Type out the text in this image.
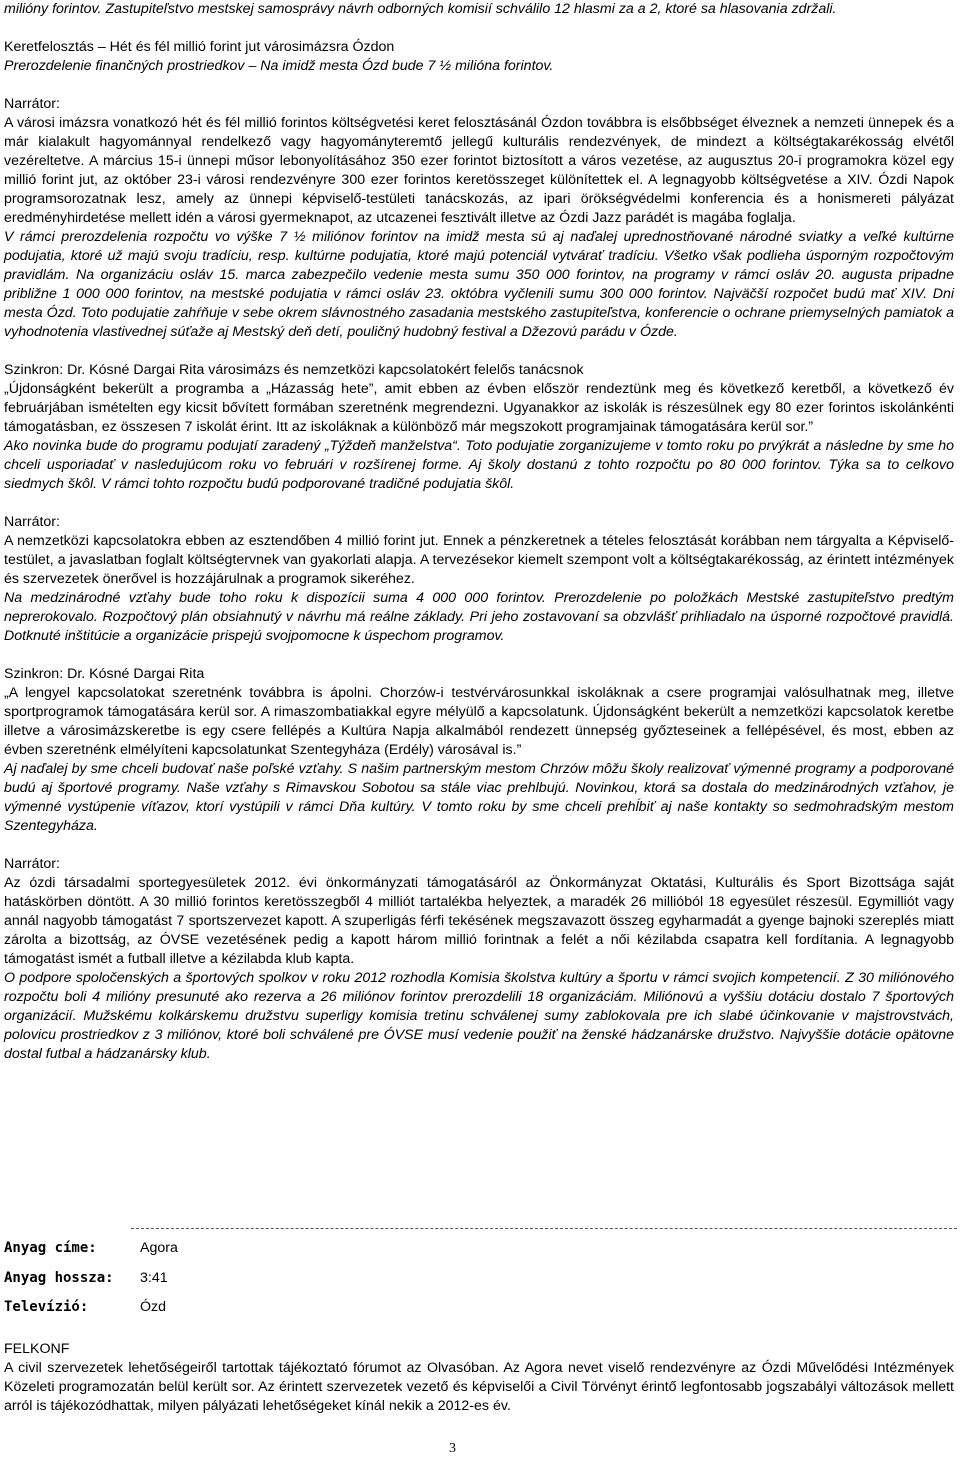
milióny forintov. Zastupiteľstvo mestskej samosprávy návrh odborných komisií schválilo 12 hlasmi za a 2, ktoré sa hlasovania zdržali.

Keretfelosztás – Hét és fél millió forint jut városimázsra Ózdon

Prerozdelenie finančných prostriedkov – Na imidž mesta Ózd bude 7 ½ milióna forintov.

Narrátor:

A városi imázsra vonatkozó hét és fél millió forintos költségvetési keret felosztásánál Ózdon továbbra is elsőbbséget élveznek a nemzeti ünnepek és a már kialakult hagyománnyal rendelkező vagy hagyományteremtő jellegű kulturális rendezvények, de mindezt a költségtakarékosság elvétől vezéreltetve. A március 15-i ünnepi műsor lebonyolításához 350 ezer forintot biztosított a város vezetése, az augusztus 20-i programokra közel egy millió forint jut, az október 23-i városi rendezvényre 300 ezer forintos keretösszeget különítettek el. A legnagyobb költségvetése a XIV. Ózdi Napok programsorozatnak lesz, amely az ünnepi képviselő-testületi tanácskozás, az ipari örökségvédelmi konferencia és a honismereti pályázat eredményhirdetése mellett idén a városi gyermeknapot, az utcazenei fesztivált illetve az Ózdi Jazz parádét is magába foglalja.

V rámci prerozdelenia rozpočtu vo výške 7 ½ miliónov forintov na imidž mesta sú aj naďalej uprednostňované národné sviatky a veľké kultúrne podujatia, ktoré už majú svoju tradíciu, resp. kultúrne podujatia, ktoré majú potenciál vytvárať tradíciu. Všetko však podlieha úsporným rozpočtovým pravidlám. Na organizáciu osláv 15. marca zabezpečilo vedenie mesta sumu 350 000 forintov, na programy v rámci osláv 20. augusta pripadne približne 1 000 000 forintov, na mestské podujatia v rámci osláv 23. októbra vyčlenili sumu 300 000 forintov. Najväčší rozpočet budú mať XIV. Dni mesta Ózd. Toto podujatie zahŕňuje v sebe okrem slávnostného zasadania mestského zastupiteľstva, konferencie o ochrane priemyselných pamiatok a vyhodnotenia vlastivednej súťaže aj Mestský deň detí, pouličný hudobný festival a Džezovú parádu v Ózde.

Szinkron: Dr. Kósné Dargai Rita városimázs és nemzetközi kapcsolatokért felelős tanácsnok

„Újdonságként bekerült a programba a „Házasság hete”, amit ebben az évben először rendeztünk meg és következő keretből, a következő év februárjában ismételten egy kicsit bővített formában szeretnénk megrendezni. Ugyanakkor az iskolák is részesülnek egy 80 ezer forintos iskolánkénti támogatásban, ez összesen 7 iskolát érint. Itt az iskoláknak a különböző már megszokott programjainak támogatására kerül sor.”

Ako novinka bude do programu podujatí zaradený „Týždeň manželstva“. Toto podujatie zorganizujeme v tomto roku po prvýkrát a následne by sme ho chceli usporiadať v nasledujúcom roku vo februári v rozšírenej forme. Aj školy dostanú z tohto rozpočtu po 80 000 forintov. Týka sa to celkovo siedmych škôl. V rámci tohto rozpočtu budú podporované tradičné podujatia škôl.

Narrátor:

A nemzetközi kapcsolatokra ebben az esztendőben 4 millió forint jut. Ennek a pénzkeretnek a tételes felosztását korábban nem tárgyalta a Képviselő-testület, a javaslatban foglalt költségtervnek van gyakorlati alapja. A tervezésekor kiemelt szempont volt a költségtakarékosság, az érintett intézmények és szervezetek önerővel is hozzájárulnak a programok sikeréhez.

Na medzinárodné vzťahy bude toho roku k dispozícii suma 4 000 000 forintov. Prerozdelenie po položkách Mestské zastupiteľstvo predtým neprerokovalo. Rozpočtový plán obsiahnutý v návrhu má reálne základy. Pri jeho zostavovaní sa obzvlášť prihliadalo na úsporné rozpočtové pravidlá. Dotknuté inštitúcie a organizácie prispejú svojpomocne k úspechom programov.

Szinkron: Dr. Kósné Dargai Rita

„A lengyel kapcsolatokat szeretnénk továbbra is ápolni. Chorzów-i testvérvárosunkkal iskoláknak a csere programjai valósulhatnak meg, illetve sportprogramok támogatására kerül sor. A rimaszombatiakkal egyre mélyülő a kapcsolatunk. Újdonságként bekerült a nemzetközi kapcsolatok keretbe illetve a városimázskeretbe is egy csere fellépés a Kultúra Napja alkalmából rendezett ünnepség győzteseinek a fellépésével, és most, ebben az évben szeretnénk elmélyíteni kapcsolatunkat Szentegyháza (Erdély) városával is.”

Aj naďalej by sme chceli budovať naše poľské vzťahy. S našim partnerským mestom Chrzów môžu školy realizovať výmenné programy a podporované budú aj športové programy. Naše vzťahy s Rimavskou Sobotou sa stále viac prehlbujú. Novinkou, ktorá sa dostala do medzinárodných vzťahov, je výmenné vystúpenie víťazov, ktorí vystúpili v rámci Dňa kultúry. V tomto roku by sme chceli prehĺbiť aj naše kontakty so sedmohradským mestom Szentegyháza.

Narrátor:

Az ózdi társadalmi sportegyesületek 2012. évi önkormányzati támogatásáról az Önkormányzat Oktatási, Kulturális és Sport Bizottsága saját hatáskörben döntött. A 30 millió forintos keretösszegből 4 milliót tartalékba helyeztek, a maradék 26 millióból 18 egyesület részesül. Egymilliót vagy annál nagyobb támogatást 7 sportszervezet kapott. A szuperligás férfi tekésének megszavazott összeg egyharmadát a gyenge bajnoki szereplés miatt zárolta a bizottság, az ÓVSE vezetésének pedig a kapott három millió forintnak a felét a női kézilabda csapatra kell fordítania. A legnagyobb támogatást ismét a futball illetve a kézilabda klub kapta.

O podpore spoločenských a športových spolkov v roku 2012 rozhodla Komisia školstva kultúry a športu v rámci svojich kompetencií. Z 30 miliónového rozpočtu boli 4 milióny presunuté ako rezerva a 26 miliónov forintov prerozdelili 18 organizáciám. Miliónovú a vyššiu dotáciu dostalo 7 športových organizácií. Mužskému kolkárskemu družstvu superligy komisia tretinu schválenej sumy zablokovala pre ich slabé účinkovanie v majstrovstvách, polovicu prostriedkov z 3 miliónov, ktoré boli schválené pre ÓVSE musí vedenie použiť na ženské hádzanárske družstvo. Najvyššie dotácie opätovne dostal futbal a hádzanársky klub.

Anyag címe:	Agora
Anyag hossza: 3:41
Televízió:	Ózd

FELKONF

A civil szervezetek lehetőségeiről tartottak tájékoztató fórumot az Olvasóban. Az Agora nevet viselő rendezvényre az Ózdi Művelődési Intézmények Közeleti programozatán belül került sor. Az érintett szervezetek vezető és képviselői a Civil Törvényt érintő legfontosabb jogszabályi változások mellett arról is tájékozódhattak, milyen pályázati lehetőségeket kínál nekik a 2012-es év.

3
